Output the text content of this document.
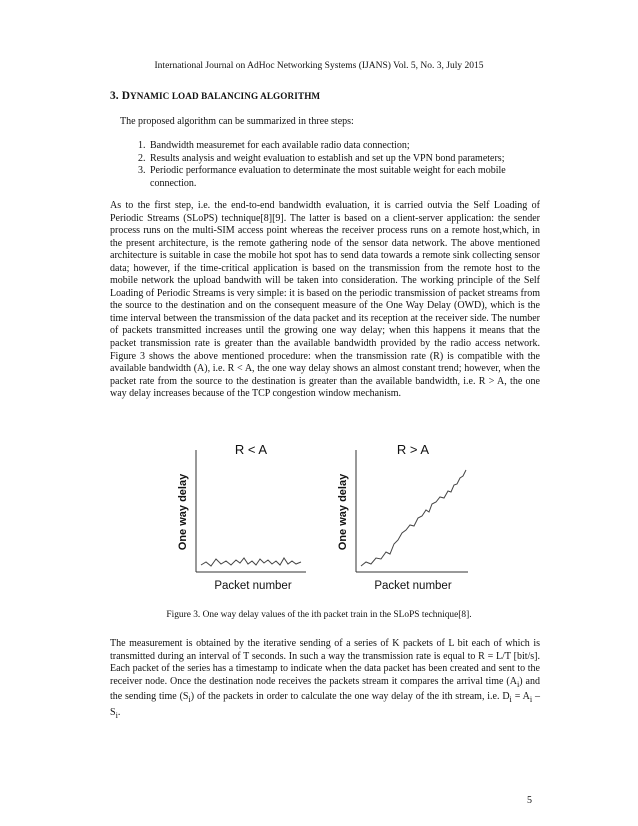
International Journal on AdHoc Networking Systems (IJANS) Vol. 5, No. 3, July 2015
3. DYNAMIC LOAD BALANCING ALGORITHM
The proposed algorithm can be summarized in three steps:
1. Bandwidth measuremet for each available radio data connection;
2. Results analysis and weight evaluation to establish and set up the VPN bond parameters;
3. Periodic performance evaluation to determinate the most suitable weight for each mobile connection.

As to the first step, i.e. the end-to-end bandwidth evaluation, it is carried outvia the Self Loading of Periodic Streams (SLoPS) technique[8][9]. The latter is based on a client-server application: the sender process runs on the multi-SIM access point whereas the receiver process runs on a remote host,which, in the present architecture, is the remote gathering node of the sensor data network. The above mentioned architecture is suitable in case the mobile hot spot has to send data towards a remote sink collecting sensor data; however, if the time-critical application is based on the transmission from the remote host to the mobile network the upload bandwith will be taken into consideration. The working principle of the Self Loading of Periodic Streams is very simple: it is based on the periodic transmission of packet streams from the source to the destination and on the consequent measure of the One Way Delay (OWD), which is the time interval between the transmission of the data packet and its reception at the receiver side. The number of packets transmitted increases until the growing one way delay; when this happens it means that the packet transmission rate is greater than the available bandwidth provided by the radio access network. Figure 3 shows the above mentioned procedure: when the transmission rate (R) is compatible with the available bandwidth (A), i.e. R < A, the one way delay shows an almost constant trend; however, when the packet rate from the source to the destination is greater than the available bandwidth, i.e. R > A, the one way delay increases because of the TCP congestion window mechanism.

R < A
One way delay
Packet number
R > A
One way delay
Packet number
Figure 3. One way delay values of the ith packet train in the SLoPS technique[8].

The measurement is obtained by the iterative sending of a series of K packets of L bit each of which is transmitted during an interval of T seconds. In such a way the transmission rate is equal to R = L/T [bit/s]. Each packet of the series has a timestamp to indicate when the data packet has been created and sent to the receiver node. Once the destination node receives the packets stream it compares the arrival time $(A_i)$ and the sending time $(S_i)$ of the packets in order to calculate the one way delay of the ith stream, i.e. $D_i = A_i - S_i$.

5
